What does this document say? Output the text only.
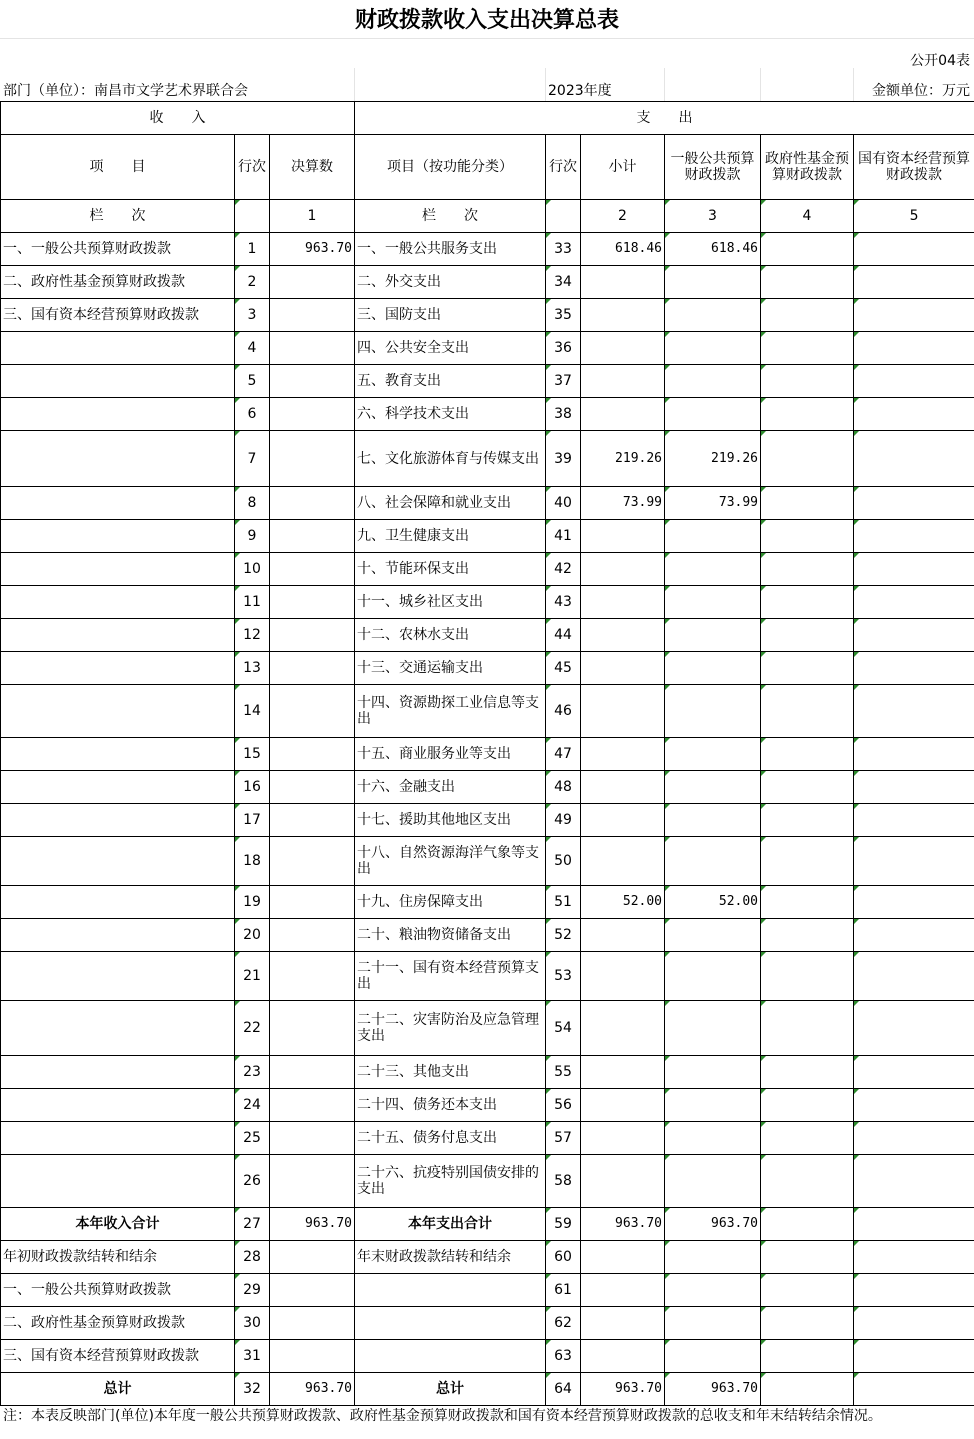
财政拨款收入支出决算总表
公开04表
部门（单位）：南昌市文学艺术界联合会	2023年度	金额单位：万元
收　　入			支　　出					
项　　目	行次	决算数	项目（按功能分类）	行次	小计	一般公共预算财政拨款	政府性基金预算财政拨款	国有资本经营预算财政拨款
栏　　次		1	栏　　次		2	3	4	5
一、一般公共预算财政拨款	1	963.70	一、一般公共服务支出	33	618.46	618.46		
二、政府性基金预算财政拨款	2		二、外交支出	34				
三、国有资本经营预算财政拨款	3		三、国防支出	35				
	4		四、公共安全支出	36				
	5		五、教育支出	37				
	6		六、科学技术支出	38				
	7		七、文化旅游体育与传媒支出	39	219.26	219.26		
	8		八、社会保障和就业支出	40	73.99	73.99		
	9		九、卫生健康支出	41				
	10		十、节能环保支出	42				
	11		十一、城乡社区支出	43				
	12		十二、农林水支出	44				
	13		十三、交通运输支出	45				
	14		十四、资源勘探工业信息等支出	46				
	15		十五、商业服务业等支出	47				
	16		十六、金融支出	48				
	17		十七、援助其他地区支出	49				
	18		十八、自然资源海洋气象等支出	50				
	19		十九、住房保障支出	51	52.00	52.00		
	20		二十、粮油物资储备支出	52				
	21		二十一、国有资本经营预算支出	53				
	22		二十二、灾害防治及应急管理支出	54				
	23		二十三、其他支出	55				
	24		二十四、债务还本支出	56				
	25		二十五、债务付息支出	57				
	26		二十六、抗疫特别国债安排的支出	58				
本年收入合计	27	963.70	本年支出合计	59	963.70	963.70		
年初财政拨款结转和结余	28		年末财政拨款结转和结余	60				
一、一般公共预算财政拨款	29			61				
二、政府性基金预算财政拨款	30			62				
三、国有资本经营预算财政拨款	31			63				
总计	32	963.70	总计	64	963.70	963.70		
注：本表反映部门(单位)本年度一般公共预算财政拨款、政府性基金预算财政拨款和国有资本经营预算财政拨款的总收支和年末结转结余情况。
